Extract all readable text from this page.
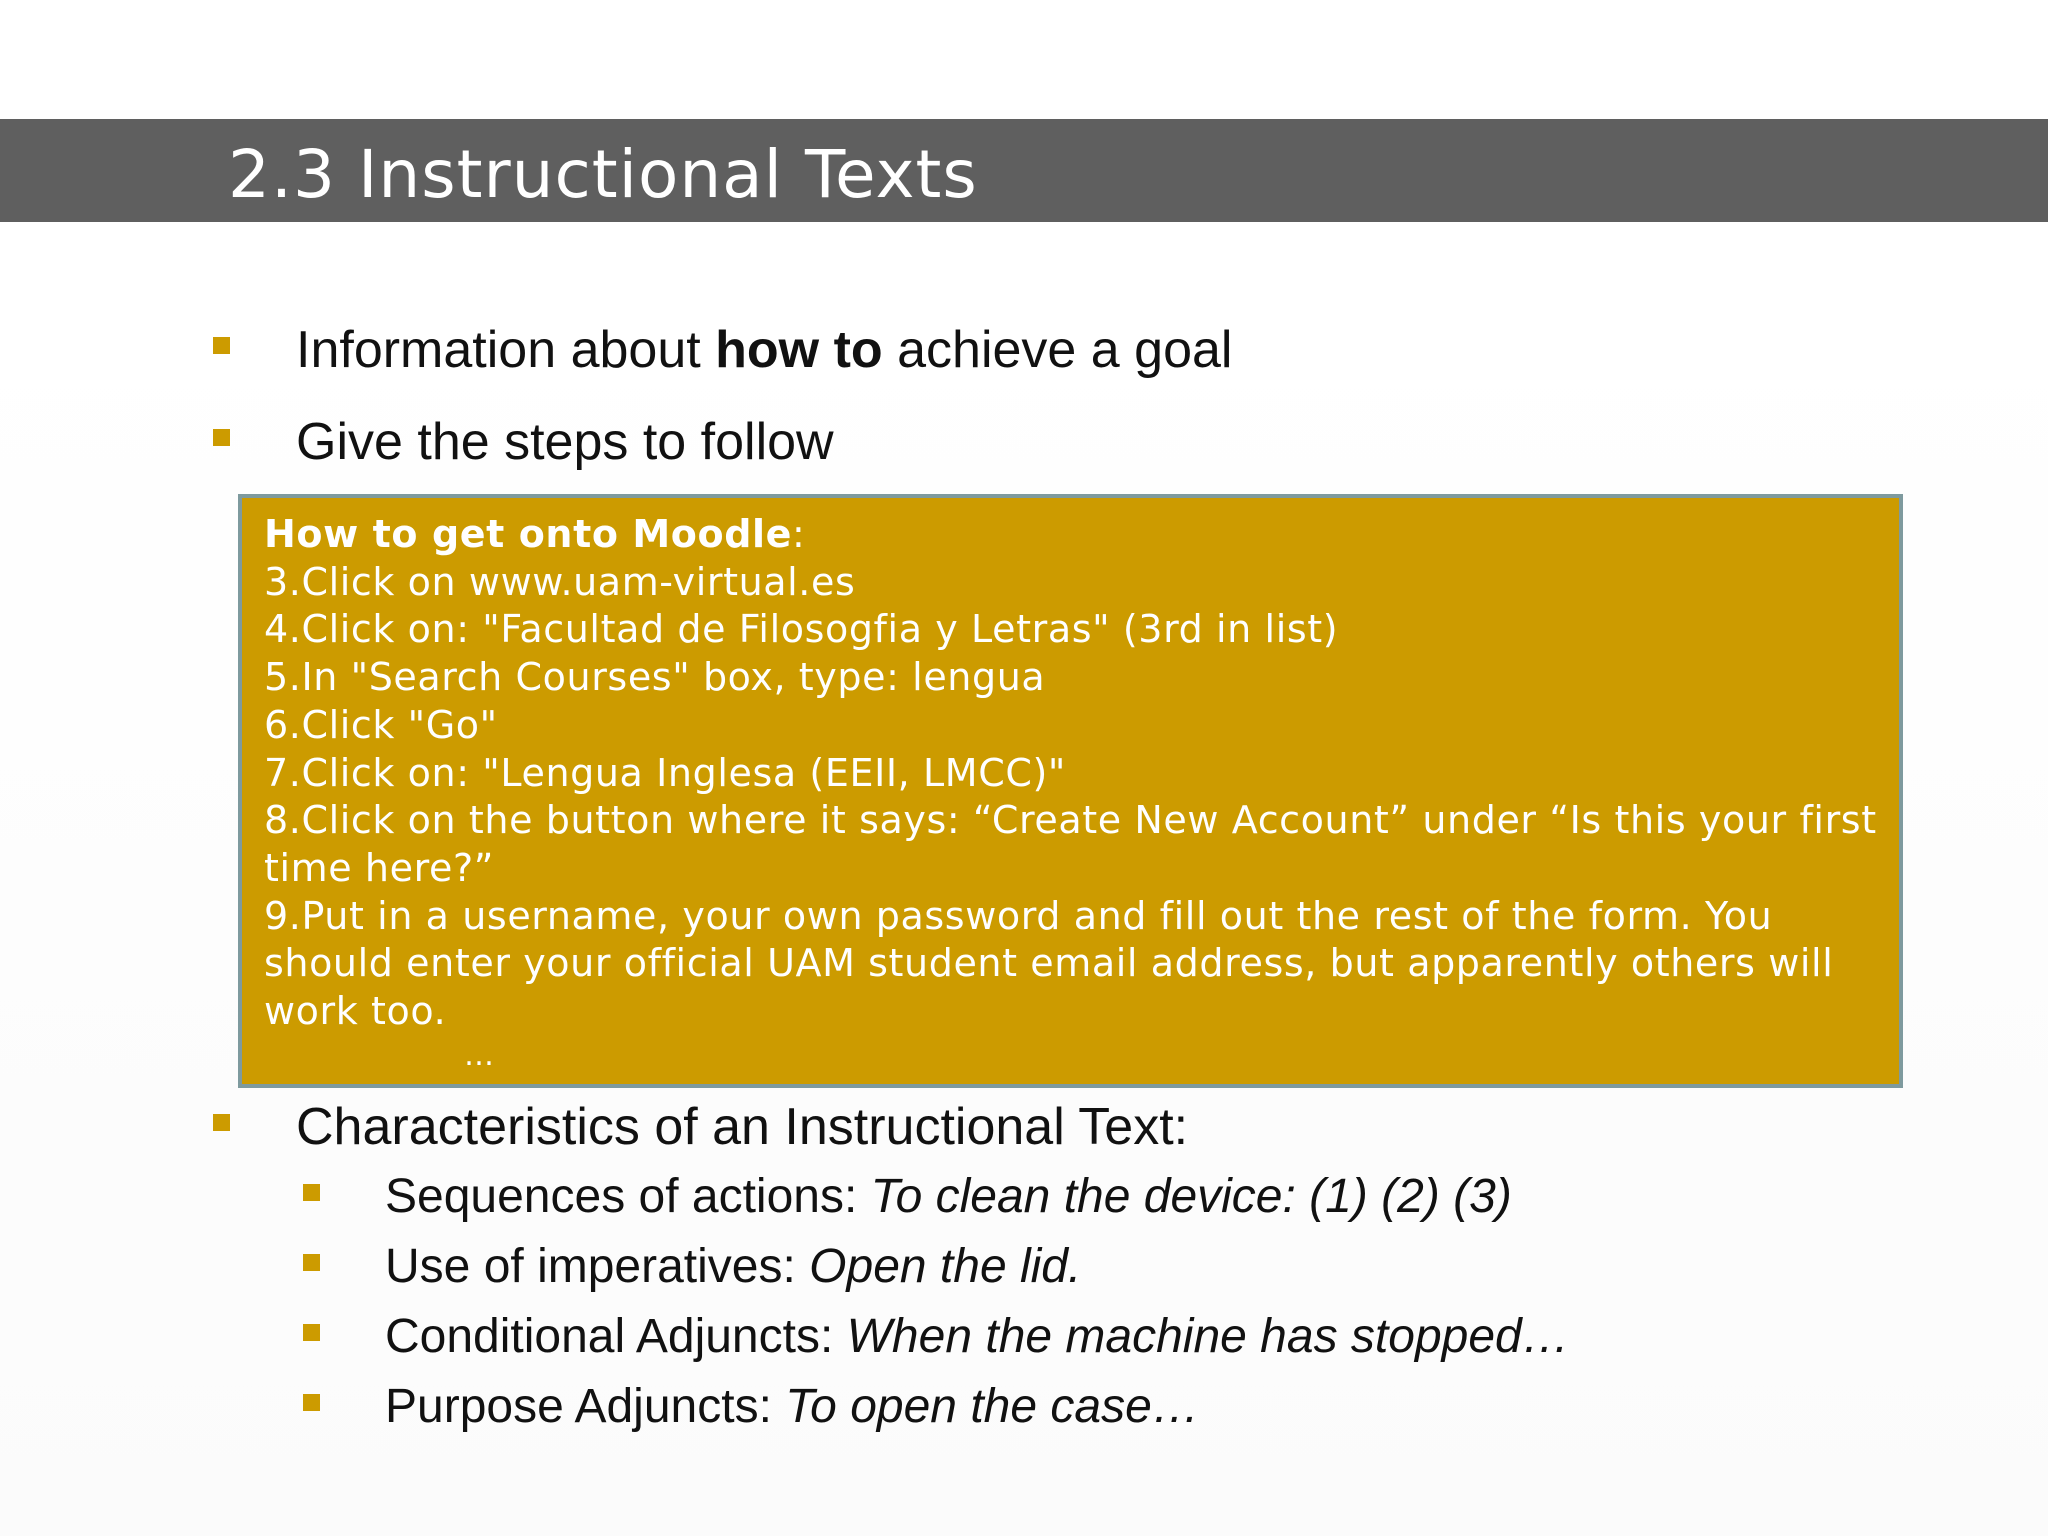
2.3 Instructional Texts
Information about how to achieve a goal
Give the steps to follow
How to get onto Moodle:
3.Click on www.uam-virtual.es
4.Click on: "Facultad de Filosogfia y Letras" (3rd in list)
5.In "Search Courses" box, type: lengua
6.Click "Go"
7.Click on: "Lengua Inglesa (EEII, LMCC)"
8.Click on the button where it says: “Create New Account” under “Is this your first time here?”
9.Put in a username, your own password and fill out the rest of the form. You should enter your official UAM student email address, but apparently others will work too.
…
Characteristics of an Instructional Text:
Sequences of actions: To clean the device: (1) (2) (3)
Use of imperatives: Open the lid.
Conditional Adjuncts: When the machine has stopped…
Purpose Adjuncts: To open the case…
